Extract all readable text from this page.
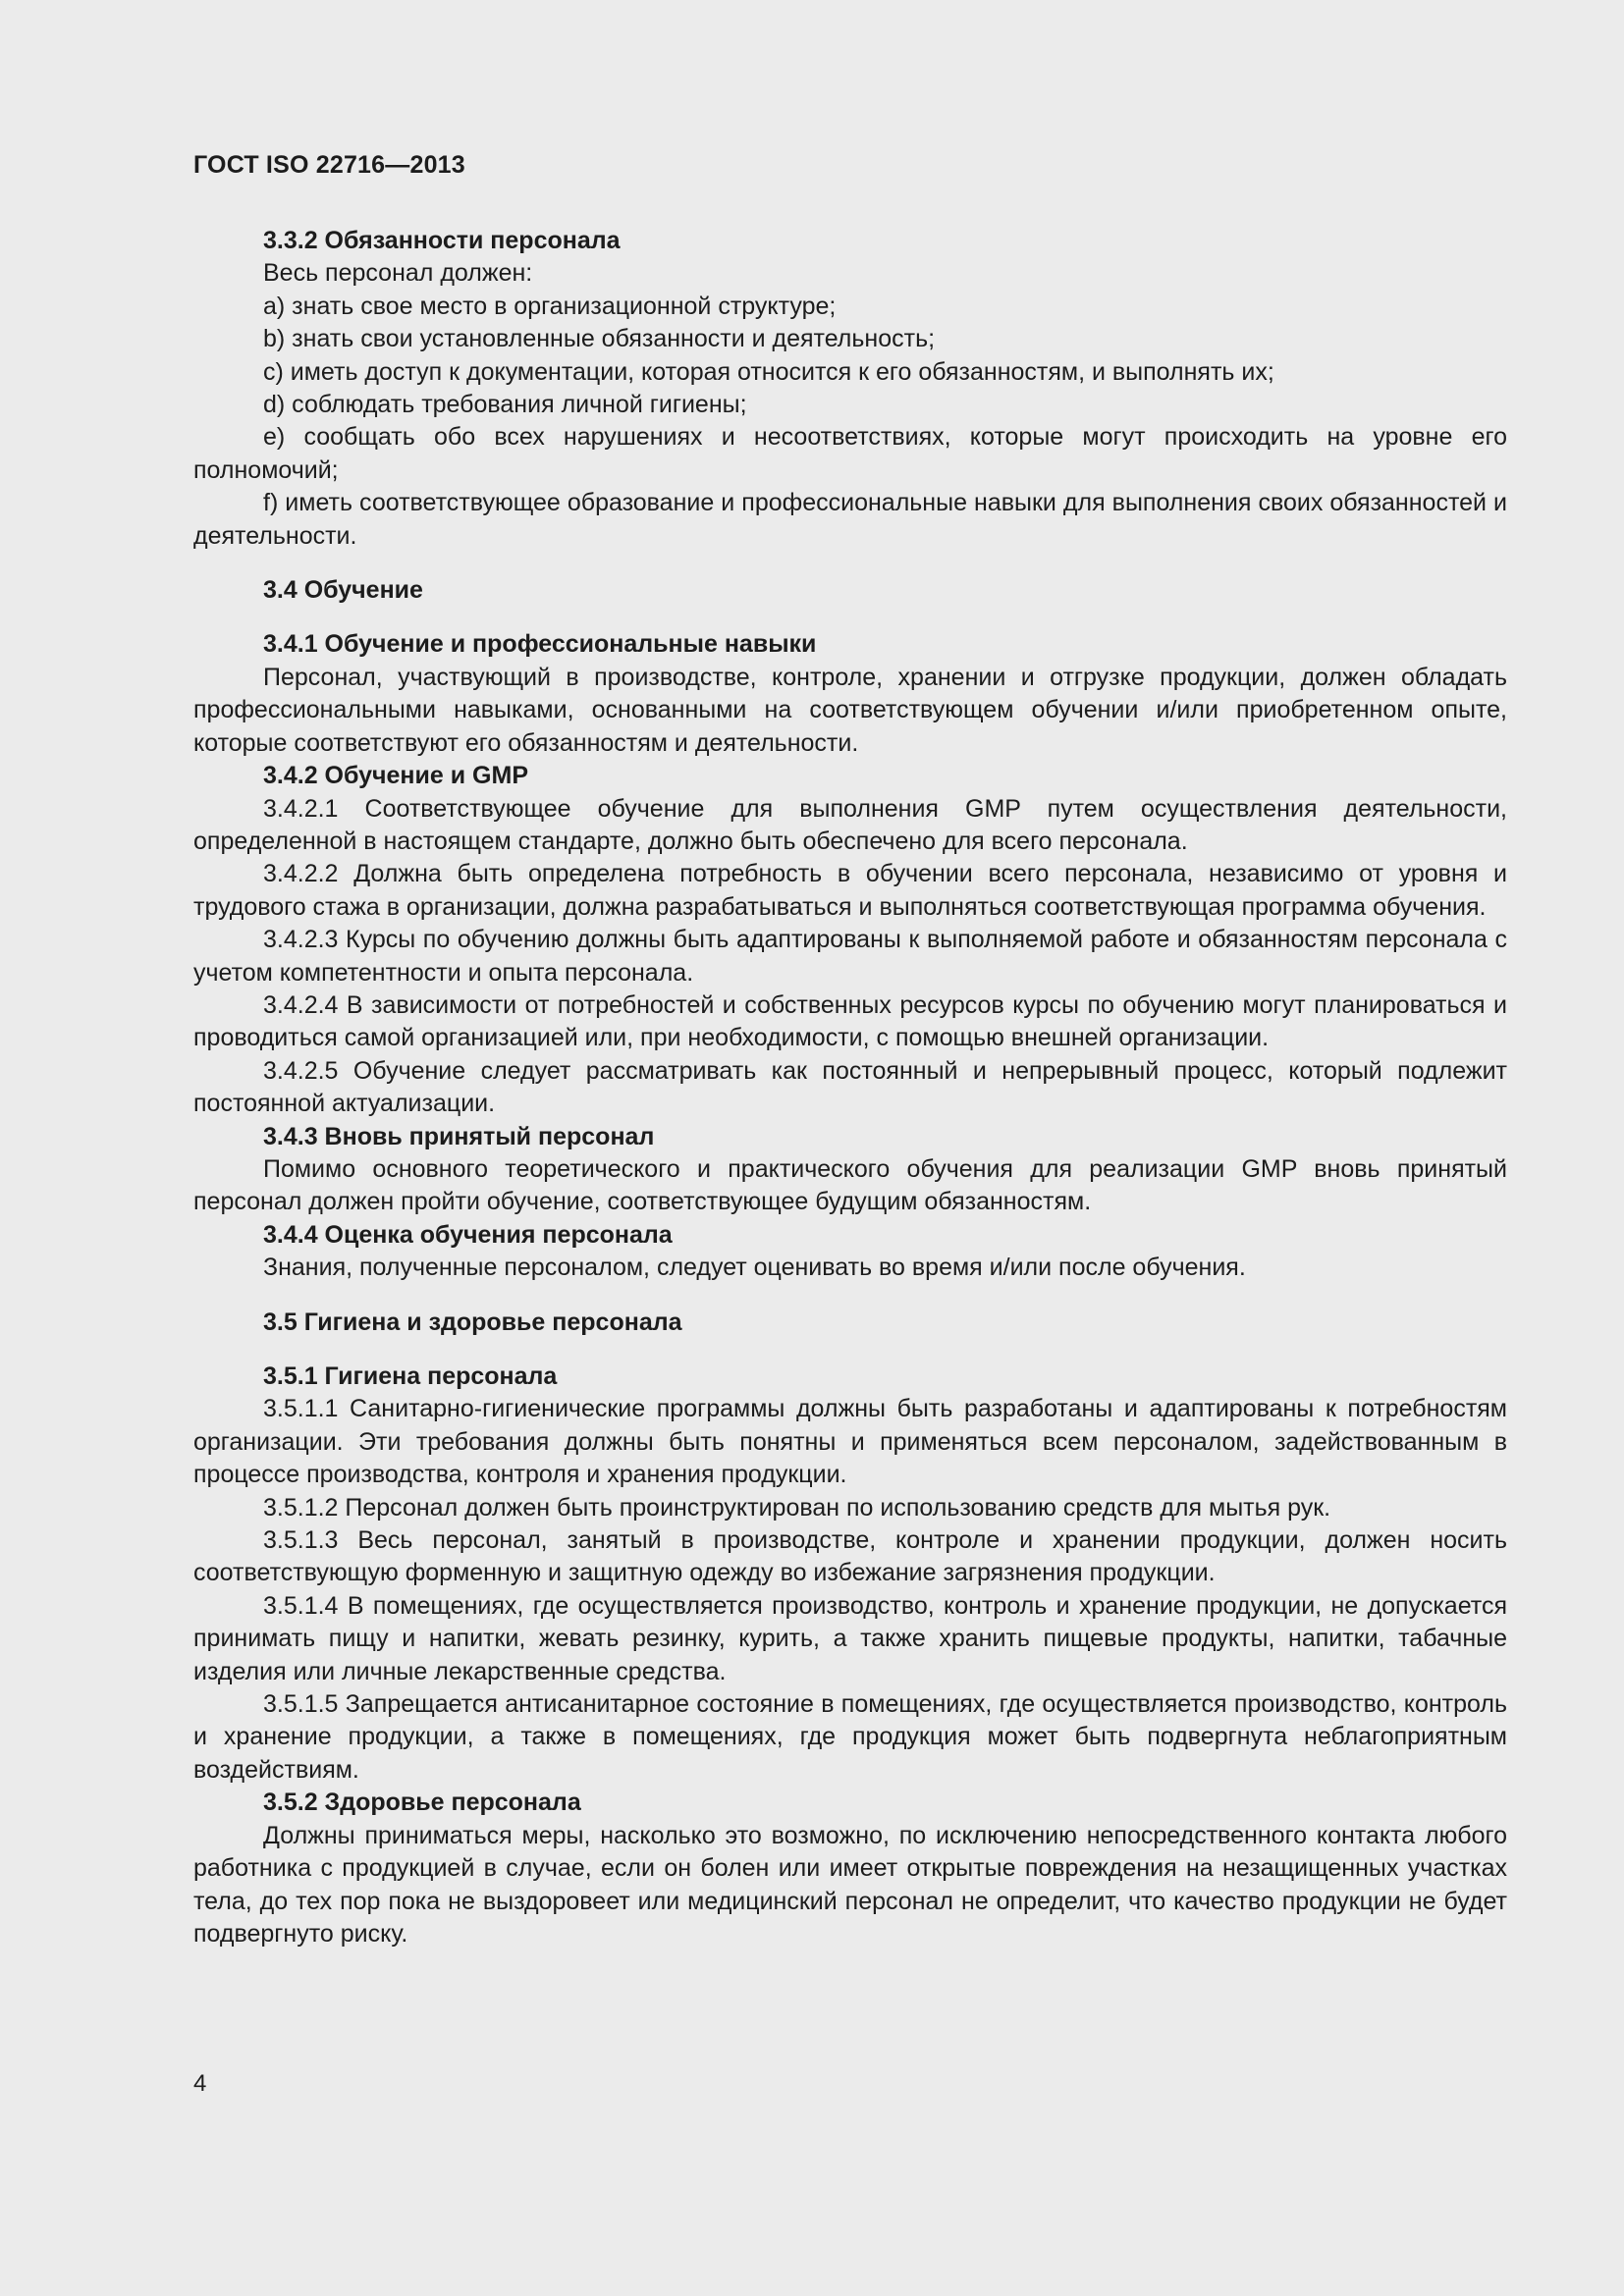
ГОСТ ISO 22716—2013

3.3.2 Обязанности персонала

Весь персонал должен:

a) знать свое место в организационной структуре;

b) знать свои установленные обязанности и деятельность;

c) иметь доступ к документации, которая относится к его обязанностям, и выполнять их;

d) соблюдать требования личной гигиены;

e) сообщать обо всех нарушениях и несоответствиях, которые могут происходить на уровне его полномочий;

f) иметь соответствующее образование и профессиональные навыки для выполнения своих обязанностей и деятельности.

3.4 Обучение

3.4.1 Обучение и профессиональные навыки

Персонал, участвующий в производстве, контроле, хранении и отгрузке продукции, должен обладать профессиональными навыками, основанными на соответствующем обучении и/или приобретенном опыте, которые соответствуют его обязанностям и деятельности.

3.4.2 Обучение и GMP

3.4.2.1 Соответствующее обучение для выполнения GMP путем осуществления деятельности, определенной в настоящем стандарте, должно быть обеспечено для всего персонала.

3.4.2.2 Должна быть определена потребность в обучении всего персонала, независимо от уровня и трудового стажа в организации, должна разрабатываться и выполняться соответствующая программа обучения.

3.4.2.3 Курсы по обучению должны быть адаптированы к выполняемой работе и обязанностям персонала с учетом компетентности и опыта персонала.

3.4.2.4 В зависимости от потребностей и собственных ресурсов курсы по обучению могут планироваться и проводиться самой организацией или, при необходимости, с помощью внешней организации.

3.4.2.5 Обучение следует рассматривать как постоянный и непрерывный процесс, который подлежит постоянной актуализации.

3.4.3 Вновь принятый персонал

Помимо основного теоретического и практического обучения для реализации GMP вновь принятый персонал должен пройти обучение, соответствующее будущим обязанностям.

3.4.4 Оценка обучения персонала

Знания, полученные персоналом, следует оценивать во время и/или после обучения.

3.5 Гигиена и здоровье персонала

3.5.1 Гигиена персонала

3.5.1.1 Санитарно-гигиенические программы должны быть разработаны и адаптированы к потребностям организации. Эти требования должны быть понятны и применяться всем персоналом, задействованным в процессе производства, контроля и хранения продукции.

3.5.1.2 Персонал должен быть проинструктирован по использованию средств для мытья рук.

3.5.1.3 Весь персонал, занятый в производстве, контроле и хранении продукции, должен носить соответствующую форменную и защитную одежду во избежание загрязнения продукции.

3.5.1.4 В помещениях, где осуществляется производство, контроль и хранение продукции, не допускается принимать пищу и напитки, жевать резинку, курить, а также хранить пищевые продукты, напитки, табачные изделия или личные лекарственные средства.

3.5.1.5 Запрещается антисанитарное состояние в помещениях, где осуществляется производство, контроль и хранение продукции, а также в помещениях, где продукция может быть подвергнута неблагоприятным воздействиям.

3.5.2 Здоровье персонала

Должны приниматься меры, насколько это возможно, по исключению непосредственного контакта любого работника с продукцией в случае, если он болен или имеет открытые повреждения на незащищенных участках тела, до тех пор пока не выздоровеет или медицинский персонал не определит, что качество продукции не будет подвергнуто риску.

4
